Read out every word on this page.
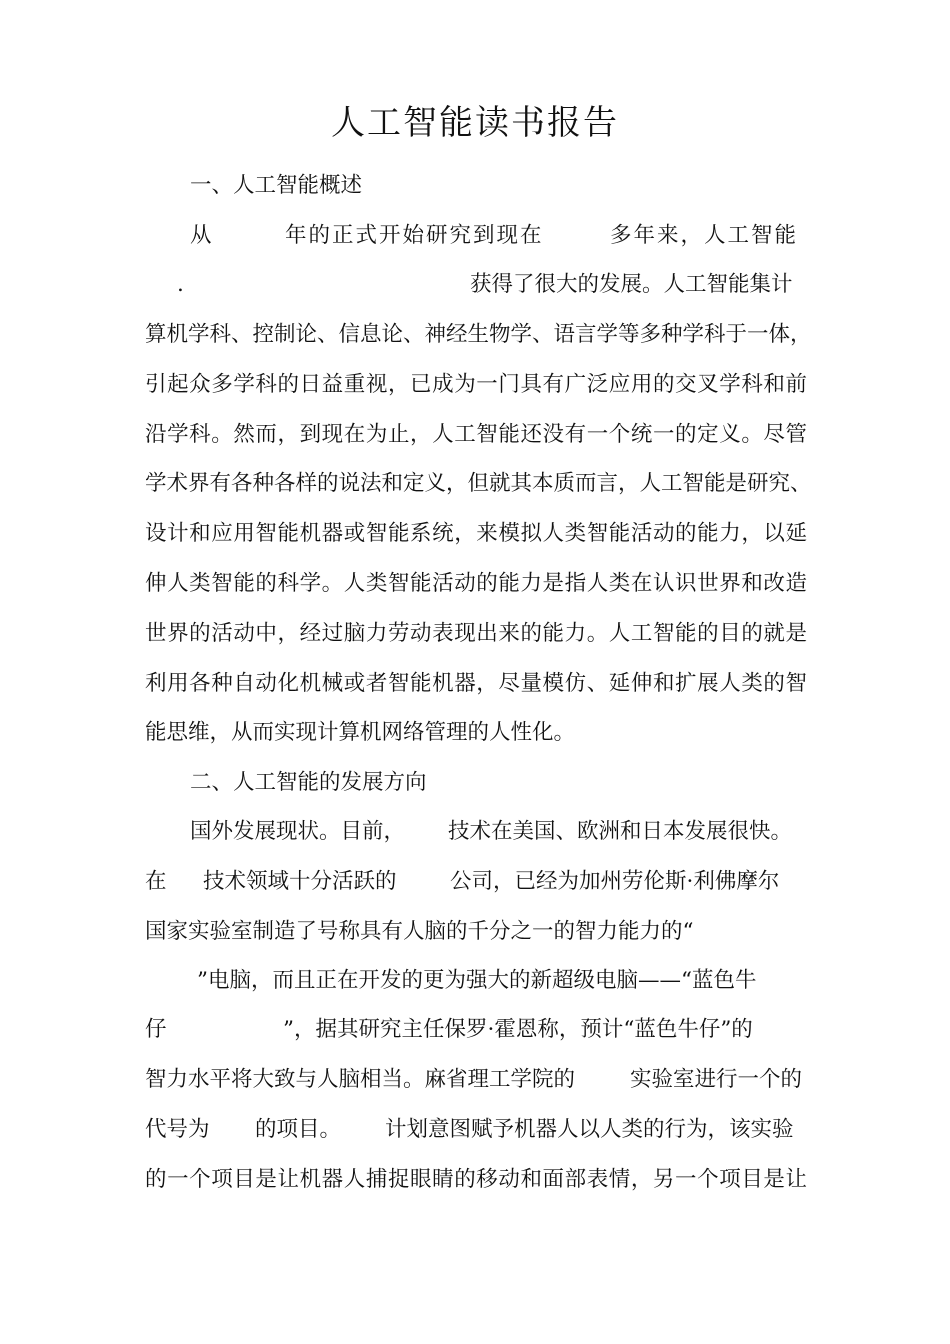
人工智能读书报告
一、人工智能概述
从	年的正式开始研究到现在	多年来，人工智能
.	获得了很大的发展。人工智能集计
算机学科、控制论、信息论、神经生物学、语言学等多种学科于一体，
引起众多学科的日益重视，已成为一门具有广泛应用的交叉学科和前
沿学科。然而，到现在为止，人工智能还没有一个统一的定义。尽管
学术界有各种各样的说法和定义，但就其本质而言，人工智能是研究、
设计和应用智能机器或智能系统，来模拟人类智能活动的能力，以延
伸人类智能的科学。人类智能活动的能力是指人类在认识世界和改造
世界的活动中，经过脑力劳动表现出来的能力。人工智能的目的就是
利用各种自动化机械或者智能机器，尽量模仿、延伸和扩展人类的智
能思维，从而实现计算机网络管理的人性化。
二、人工智能的发展方向
国外发展现状。目前， 技术在美国、欧洲和日本发展很快。
在 技术领域十分活跃的 公司，已经为加州劳伦斯·利佛摩尔
国家实验室制造了号称具有人脑的千分之一的智力能力的“
”电脑，而且正在开发的更为强大的新超级电脑——“蓝色牛
仔	”，据其研究主任保罗·霍恩称，预计“蓝色牛仔”的
智力水平将大致与人脑相当。麻省理工学院的	实验室进行一个的
代号为 的项目。 计划意图赋予机器人以人类的行为，该实验
的一个项目是让机器人捕捉眼睛的移动和面部表情，另一个项目是让
